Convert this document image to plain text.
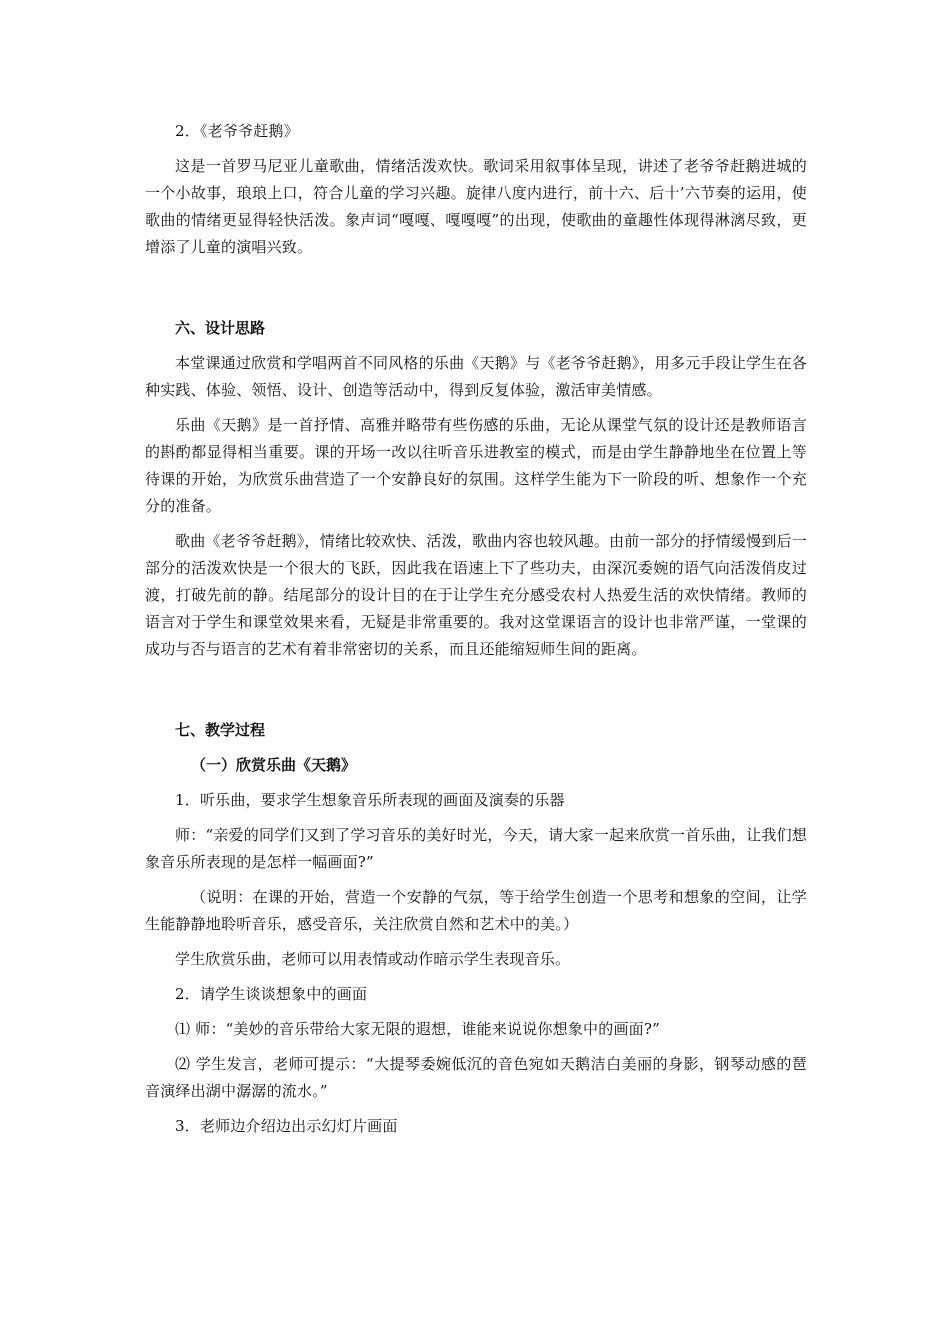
2．《老爷爷赶鹅》

这是一首罗马尼亚儿童歌曲，情绪活泼欢快。歌词采用叙事体呈现，讲述了老爷爷赶鹅进城的一个小故事，琅琅上口，符合儿童的学习兴趣。旋律八度内进行，前十六、后十’六节奏的运用，使歌曲的情绪更显得轻快活泼。象声词“嘎嘎、嘎嘎嘎”的出现，使歌曲的童趣性体现得淋漓尽致，更增添了儿童的演唱兴致。

六、设计思路

本堂课通过欣赏和学唱两首不同风格的乐曲《天鹅》与《老爷爷赶鹅》，用多元手段让学生在各种实践、体验、领悟、设计、创造等活动中，得到反复体验，激活审美情感。

乐曲《天鹅》是一首抒情、高雅并略带有些伤感的乐曲，无论从课堂气氛的设计还是教师语言的斟酌都显得相当重要。课的开场一改以往听音乐进教室的模式，而是由学生静静地坐在位置上等待课的开始，为欣赏乐曲营造了一个安静良好的氛围。这样学生能为下一阶段的听、想象作一个充分的准备。

歌曲《老爷爷赶鹅》，情绪比较欢快、活泼，歌曲内容也较风趣。由前一部分的抒情缓慢到后一部分的活泼欢快是一个很大的飞跃，因此我在语速上下了些功夫，由深沉委婉的语气向活泼俏皮过渡，打破先前的静。结尾部分的设计目的在于让学生充分感受农村人热爱生活的欢快情绪。教师的语言对于学生和课堂效果来看，无疑是非常重要的。我对这堂课语言的设计也非常严谨，一堂课的成功与否与语言的艺术有着非常密切的关系，而且还能缩短师生间的距离。

七、教学过程
（一）欣赏乐曲《天鹅》

1．听乐曲，要求学生想象音乐所表现的画面及演奏的乐器

师：“亲爱的同学们又到了学习音乐的美好时光，今天，请大家一起来欣赏一首乐曲，让我们想象音乐所表现的是怎样一幅画面?”

（说明：在课的开始，营造一个安静的气氛，等于给学生创造一个思考和想象的空间，让学生能静静地聆听音乐，感受音乐，关注欣赏自然和艺术中的美。）

学生欣赏乐曲，老师可以用表情或动作暗示学生表现音乐。

2．请学生谈谈想象中的画面

⑴ 师：“美妙的音乐带给大家无限的遐想，谁能来说说你想象中的画面?”

⑵ 学生发言，老师可提示：“大提琴委婉低沉的音色宛如天鹅洁白美丽的身影，钢琴动感的琶音演绎出湖中潺潺的流水。”

3．老师边介绍边出示幻灯片画面
